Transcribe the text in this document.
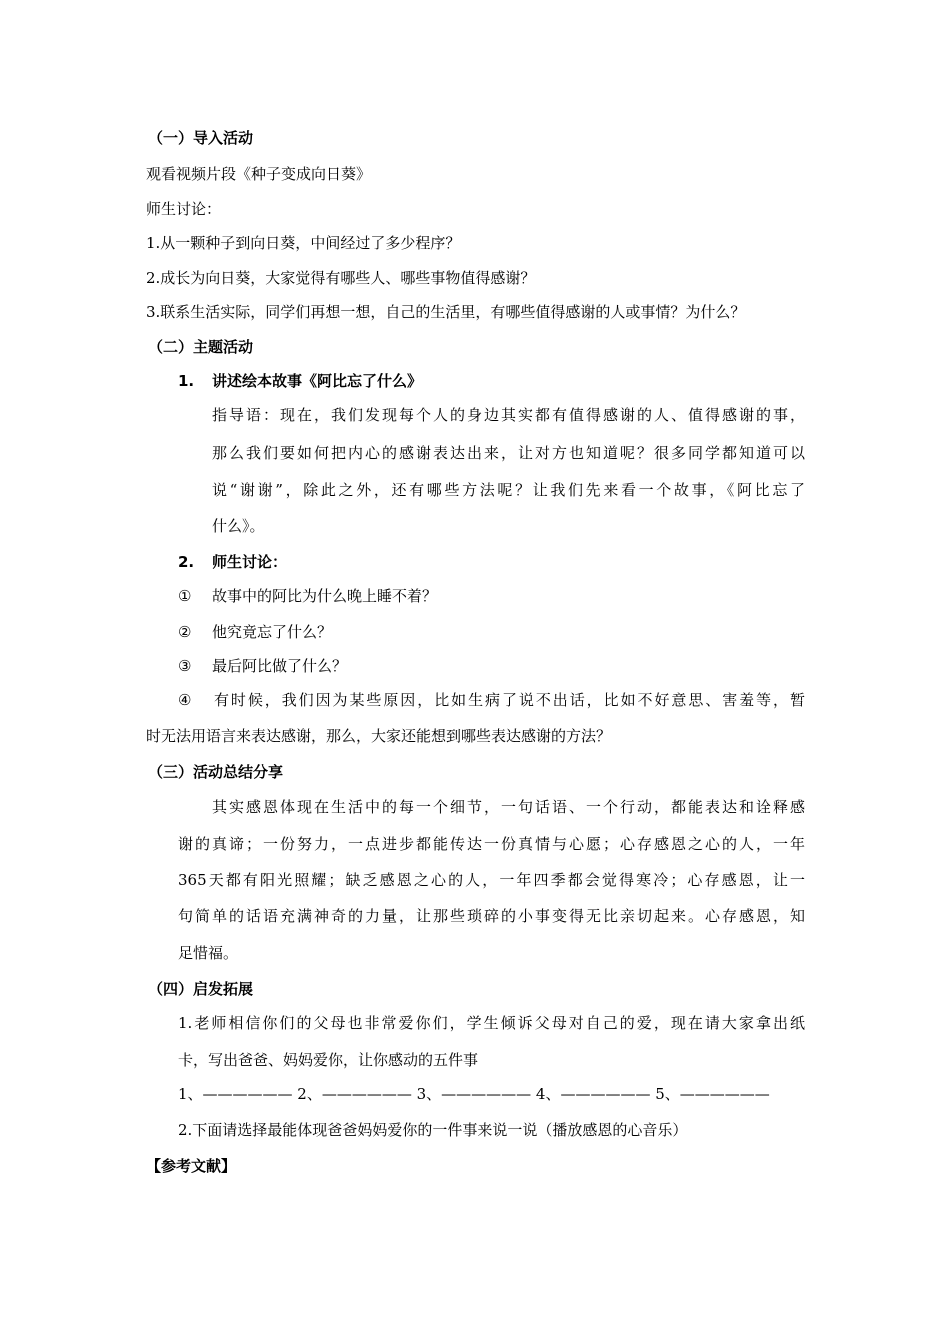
（一）导入活动
观看视频片段《种子变成向日葵》
师生讨论：
1.从一颗种子到向日葵，中间经过了多少程序？
2.成长为向日葵，大家觉得有哪些人、哪些事物值得感谢？
3.联系生活实际，同学们再想一想，自己的生活里，有哪些值得感谢的人或事情？为什么？
（二）主题活动
1. 讲述绘本故事《阿比忘了什么》
指导语：现在，我们发现每个人的身边其实都有值得感谢的人、值得感谢的事，
那么我们要如何把内心的感谢表达出来，让对方也知道呢？很多同学都知道可以
说“谢谢”，除此之外，还有哪些方法呢？让我们先来看一个故事，《阿比忘了
什么》。
2. 师生讨论：
① 故事中的阿比为什么晚上睡不着？
② 他究竟忘了什么？
③ 最后阿比做了什么？
④ 有时候，我们因为某些原因，比如生病了说不出话，比如不好意思、害羞等，暂
时无法用语言来表达感谢，那么，大家还能想到哪些表达感谢的方法？
（三）活动总结分享
其实感恩体现在生活中的每一个细节，一句话语、一个行动，都能表达和诠释感
谢的真谛；一份努力，一点进步都能传达一份真情与心愿；心存感恩之心的人，一年
365天都有阳光照耀；缺乏感恩之心的人，一年四季都会觉得寒冷；心存感恩，让一
句简单的话语充满神奇的力量，让那些琐碎的小事变得无比亲切起来。心存感恩，知
足惜福。
（四）启发拓展
1.老师相信你们的父母也非常爱你们，学生倾诉父母对自己的爱，现在请大家拿出纸
卡，写出爸爸、妈妈爱你，让你感动的五件事
1、—————— 2、—————— 3、—————— 4、—————— 5、——————
2.下面请选择最能体现爸爸妈妈爱你的一件事来说一说（播放感恩的心音乐）
【参考文献】
